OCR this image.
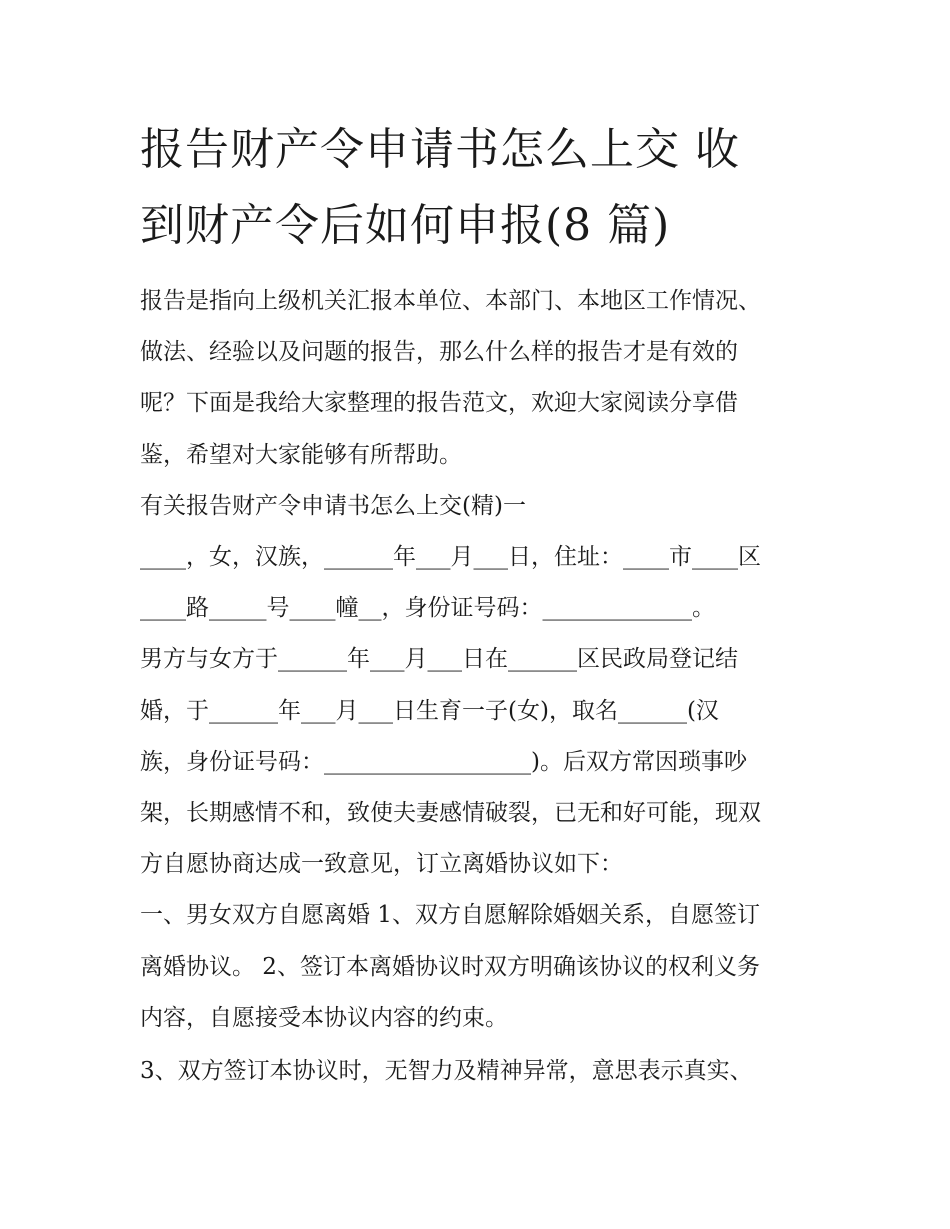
报告财产令申请书怎么上交 收
到财产令后如何申报(8 篇)

报告是指向上级机关汇报本单位、本部门、本地区工作情况、
做法、经验以及问题的报告，那么什么样的报告才是有效的
呢？下面是我给大家整理的报告范文，欢迎大家阅读分享借
鉴，希望对大家能够有所帮助。

有关报告财产令申请书怎么上交(精)一

____，女，汉族，______年___月___日，住址：____市____区
____路_____号____幢__，身份证号码：_____________。

男方与女方于______年___月___日在______区民政局登记结
婚，于______年___月___日生育一子(女)，取名______(汉
族，身份证号码：__________________)。后双方常因琐事吵
架，长期感情不和，致使夫妻感情破裂，已无和好可能，现双
方自愿协商达成一致意见，订立离婚协议如下：

一、男女双方自愿离婚 1、双方自愿解除婚姻关系，自愿签订
离婚协议。 2、签订本离婚协议时双方明确该协议的权利义务
内容，自愿接受本协议内容的约束。

3、双方签订本协议时，无智力及精神异常，意思表示真实、
